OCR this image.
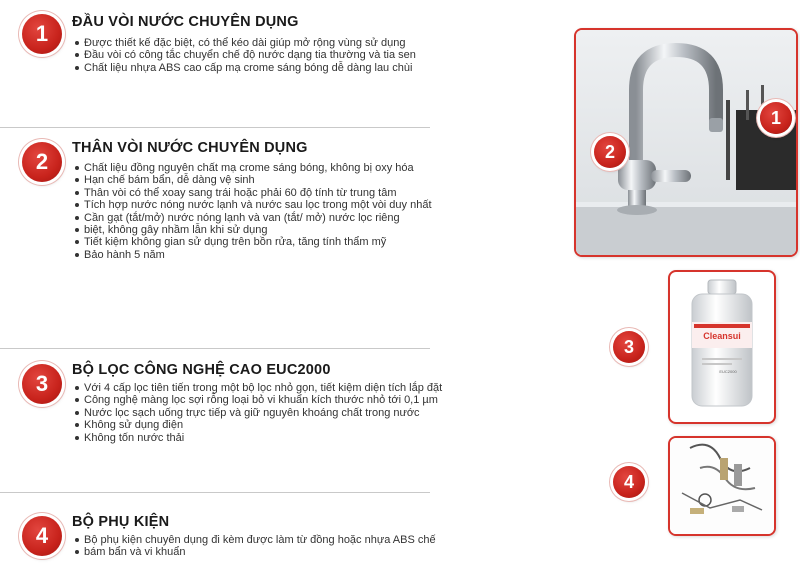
1	ĐẦU VÒI NƯỚC CHUYÊN DỤNG
Được thiết kế đặc biệt, có thể kéo dài giúp mở rộng vùng sử dụng
Đầu vòi có công tắc chuyển chế độ nước dạng tia thường và tia sen
Chất liệu nhựa ABS cao cấp mạ crome sáng bóng dễ dàng lau chùi
2
THÂN VÒI NƯỚC CHUYÊN DỤNG
Chất liệu đồng nguyên chất mạ crome sáng bóng, không bị oxy hóa
Hạn chế bám bẩn, dễ dàng vệ sinh
Thân vòi có thể xoay sang trái hoặc phải 60 độ tính từ trung tâm
Tích hợp nước nóng nước lạnh và nước sau lọc trong một vòi duy nhất
Cần gạt (tắt/mở) nước nóng lạnh và van (tắt/ mở) nước lọc riêng
biệt, không gây nhầm lẫn khi sử dụng
Tiết kiệm không gian sử dụng trên bồn rửa, tăng tính thẩm mỹ
Bảo hành 5 năm
3
BỘ LỌC CÔNG NGHỆ CAO EUC2000
Với 4 cấp lọc tiên tiến trong một bộ lọc nhỏ gọn, tiết kiệm diện tích lắp đặt
Công nghệ màng lọc sợi rỗng loại bỏ vi khuẩn kích thước nhỏ tới 0,1 µm
Nước lọc sạch uống trực tiếp và giữ nguyên khoáng chất trong nước
Không sử dụng điện
Không tốn nước thải
4
BỘ PHỤ KIỆN
Bộ phụ kiện chuyên dụng đi kèm được làm từ đồng hoặc nhựa ABS chế
bám bẩn và vi khuẩn
1
2
Cleansui
EUC2000
3
4
